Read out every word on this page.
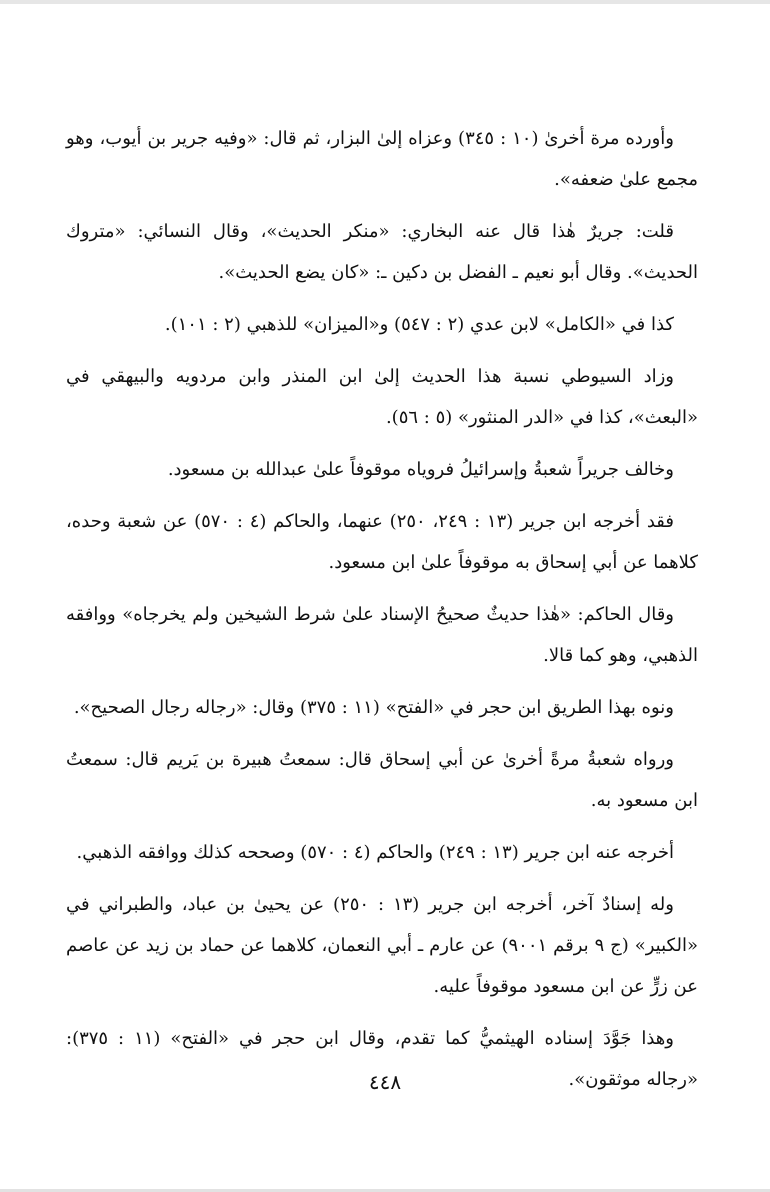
وأورده مرة أخرىٰ (١٠ : ٣٤٥) وعزاه إلىٰ البزار، ثم قال: «وفيه جرير بن أيوب، وهو مجمع علىٰ ضعفه».

قلت: جريرٌ هٰذا قال عنه البخاري: «منكر الحديث»، وقال النسائي: «متروك الحديث». وقال أبو نعيم ـ الفضل بن دكين ـ: «كان يضع الحديث».

كذا في «الكامل» لابن عدي (٢ : ٥٤٧) و«الميزان» للذهبي (٢ : ١٠١).

وزاد السيوطي نسبة هذا الحديث إلىٰ ابن المنذر وابن مردويه والبيهقي في «البعث»، كذا في «الدر المنثور» (٥ : ٥٦).

وخالف جريراً شعبةُ وإسرائيلُ فروياه موقوفاً علىٰ عبدالله بن مسعود.

فقد أخرجه ابن جرير (١٣ : ٢٤٩، ٢٥٠) عنهما، والحاكم (٤ : ٥٧٠) عن شعبة وحده، كلاهما عن أبي إسحاق به موقوفاً علىٰ ابن مسعود.

وقال الحاكم: «هٰذا حديثٌ صحيحُ الإسناد علىٰ شرط الشيخين ولم يخرجاه» ووافقه الذهبي، وهو كما قالا.

ونوه بهذا الطريق ابن حجر في «الفتح» (١١ : ٣٧٥) وقال: «رجاله رجال الصحيح».

ورواه شعبةُ مرةً أخرىٰ عن أبي إسحاق قال: سمعتُ هبيرة بن يَريم قال: سمعتُ ابن مسعود به.

أخرجه عنه ابن جرير (١٣ : ٢٤٩) والحاكم (٤ : ٥٧٠) وصححه كذلك ووافقه الذهبي.

وله إسنادٌ آخر، أخرجه ابن جرير (١٣ : ٢٥٠) عن يحيىٰ بن عباد، والطبراني في «الكبير» (ج ٩ برقم ٩٠٠١) عن عارم ـ أبي النعمان، كلاهما عن حماد بن زيد عن عاصم عن زرٍّ عن ابن مسعود موقوفاً عليه.

وهذا جَوَّدَ إسناده الهيثميُّ كما تقدم، وقال ابن حجر في «الفتح» (١١ : ٣٧٥): «رجاله موثقون».

٤٤٨
